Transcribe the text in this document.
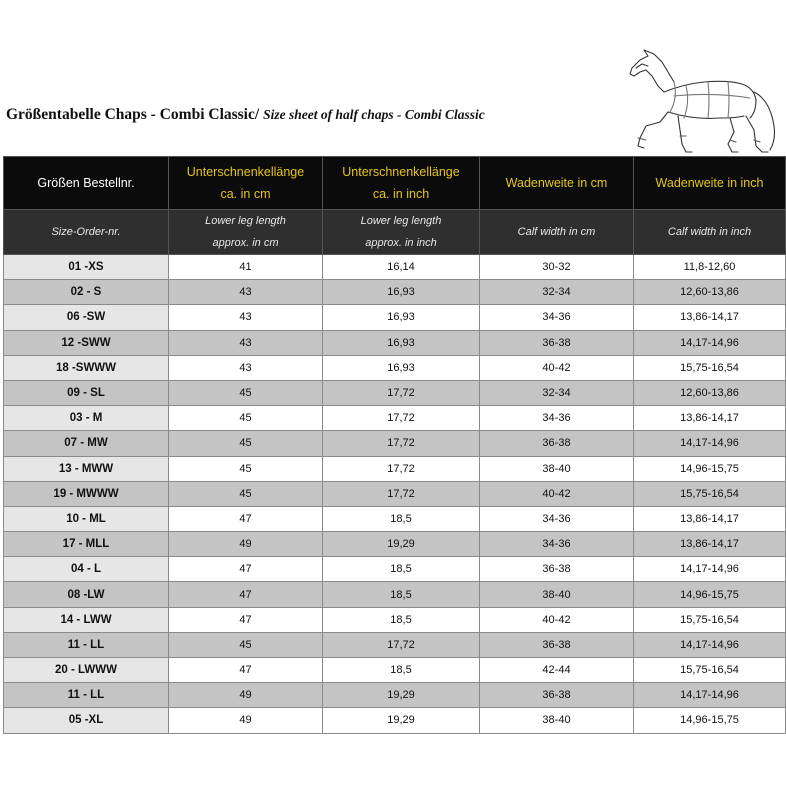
Größentabelle Chaps - Combi Classic/ Size sheet of half chaps - Combi Classic
Größen Bestellnr.	Unterschnenkellänge ca. in cm	Unterschnenkellänge ca. in inch	Wadenweite in cm	Wadenweite in inch
Size-Order-nr.	Lower leg length approx. in cm	Lower leg length approx. in inch	Calf width in cm	Calf width in inch
01 -XS	41	16,14	30-32	11,8-12,60
02 - S	43	16,93	32-34	12,60-13,86
06 -SW	43	16,93	34-36	13,86-14,17
12 -SWW	43	16,93	36-38	14,17-14,96
18 -SWWW	43	16,93	40-42	15,75-16,54
09 - SL	45	17,72	32-34	12,60-13,86
03 - M	45	17,72	34-36	13,86-14,17
07 - MW	45	17,72	36-38	14,17-14,96
13 - MWW	45	17,72	38-40	14,96-15,75
19 - MWWW	45	17,72	40-42	15,75-16,54
10 - ML	47	18,5	34-36	13,86-14,17
17 - MLL	49	19,29	34-36	13,86-14,17
04 - L	47	18,5	36-38	14,17-14,96
08 -LW	47	18,5	38-40	14,96-15,75
14 - LWW	47	18,5	40-42	15,75-16,54
11 - LL	45	17,72	36-38	14,17-14,96
20 - LWWW	47	18,5	42-44	15,75-16,54
11 - LL	49	19,29	36-38	14,17-14,96
05 -XL	49	19,29	38-40	14,96-15,75
